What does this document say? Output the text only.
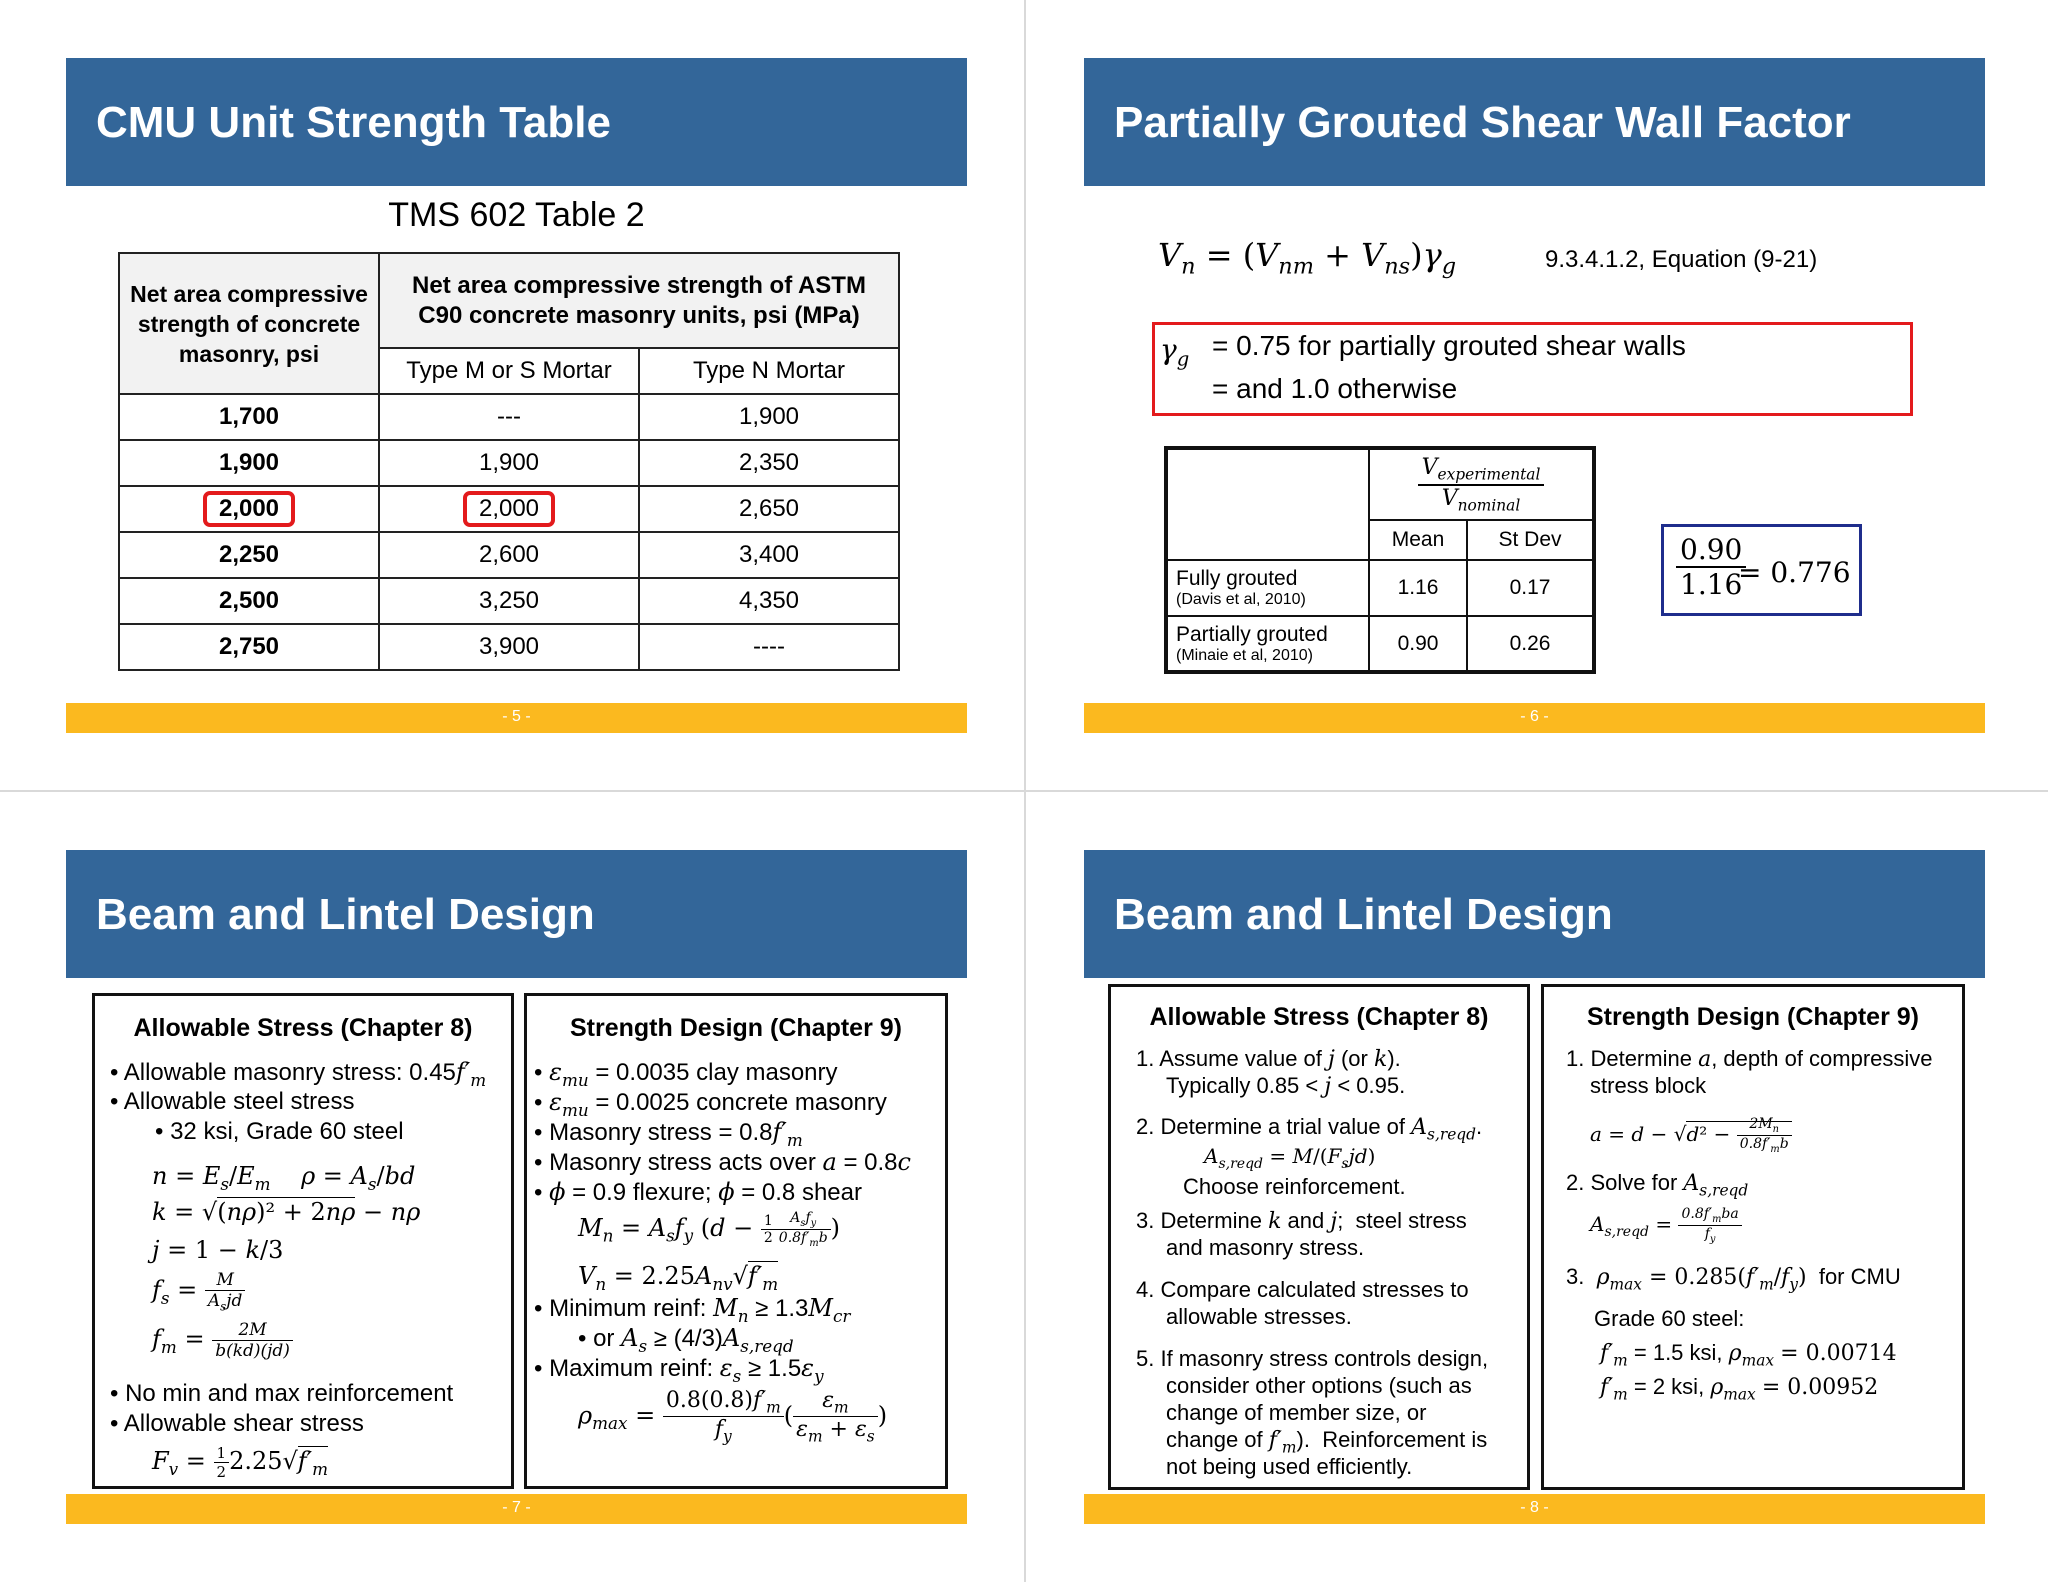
CMU Unit Strength Table
TMS 602 Table 2
Net area compressive strength of concrete masonry, psi	Net area compressive strength of ASTM C90 concrete masonry units, psi (MPa)	
	Type M or S Mortar	Type N Mortar
1,700	---	1,900
1,900	1,900	2,350
2,000	2,000	2,650
2,250	2,600	3,400
2,500	3,250	4,350
2,750	3,900	----
- 5 -
Partially Grouted Shear Wall Factor
$V_n = (V_{nm} + V_{ns})\gamma_g$	9.3.4.1.2, Equation (9-21)
$\gamma_g = 0.75$ for partially grouted shear walls
= and 1.0 otherwise

	$V_{experimental}$
$V_{nominal}$

	Mean	St Dev

Fully grouted
(Davis et al, 2010)	1.16	0.17

Partially grouted
(Minaie et al, 2010)	0.90	0.26
0.90
1.16
= 0.776
- 6 -
Beam and Lintel Design
- 7 -
Allowable Stress (Chapter 8)
• Allowable masonry stress: $0.45f'_m$
• Allowable steel stress
• 32 ksi, Grade 60 steel
$n = E_s/E_m$ $\rho = A_s/bd$
k = √(nρ)² + 2nρ − nρ
j = 1 − k/3
$f_s = \frac{M}{A_sjd}$
$f_m = \frac{2M}{b(kd)(jd)}$
• No min and max reinforcement
• Allowable shear stress
$F_v = \frac{1}{2} 2.25√f'_m$
Strength Design (Chapter 9)
• $\varepsilon_{mu} = 0.0035$ clay masonry
• $\varepsilon_{mu} = 0.0025$ concrete masonry
• Masonry stress = $0.8f'_m$
• Masonry stress acts over a = 0.8c
• ϕ = 0.9 flexure; ϕ = 0.8 shear
$M_n = A_sf_y$ ($d - \frac{1}{2} \frac{A_sf_y}{0.8f'_mb}$ )
$V_n = 2.25A_{nv}√f'_m$
• Minimum reinf: $M_n \ge 1.3M_{cr}$
• or $A_s \ge (4/3)A_{s,reqd}$
• Maximum reinf: $\varepsilon_s \ge 1.5\varepsilon_y$
$\rho_{max} = \frac{0.8(0.8)f'_m}{f_y}$ ( $\frac{\varepsilon_m}{\varepsilon_m + \varepsilon_s}$ )
Beam and Lintel Design
- 8 -
Allowable Stress (Chapter 8)
1. Assume value of j (or k).
Typically 0.85 < j < 0.95.
2. Determine a trial value of $A_{s,reqd}$.
$A_{s,reqd} = M/(F_sjd)$
Choose reinforcement.
3. Determine k and j;  steel stress
and masonry stress.
4. Compare calculated stresses to
allowable stresses.
5. If masonry stress controls design,
consider other options (such as
change of member size, or
change of $f'_m$).  Reinforcement is
not being used efficiently.
Strength Design (Chapter 9)
1. Determine a, depth of compressive
stress block
$a = d - √d^2 - \frac{2M_n}{0.8f'_mb}$
2. Solve for $A_{s,reqd}$
$A_{s,reqd} = \frac{0.8f'_mba}{f_y}$
3. $\rho_{max} = 0.285(f'_m/f_y)$ for CMU
Grade 60 steel:
$f'_m = 1.5$ ksi, $\rho_{max} = 0.00714$
$f'_m = 2$ ksi, $\rho_{max} = 0.00952$
